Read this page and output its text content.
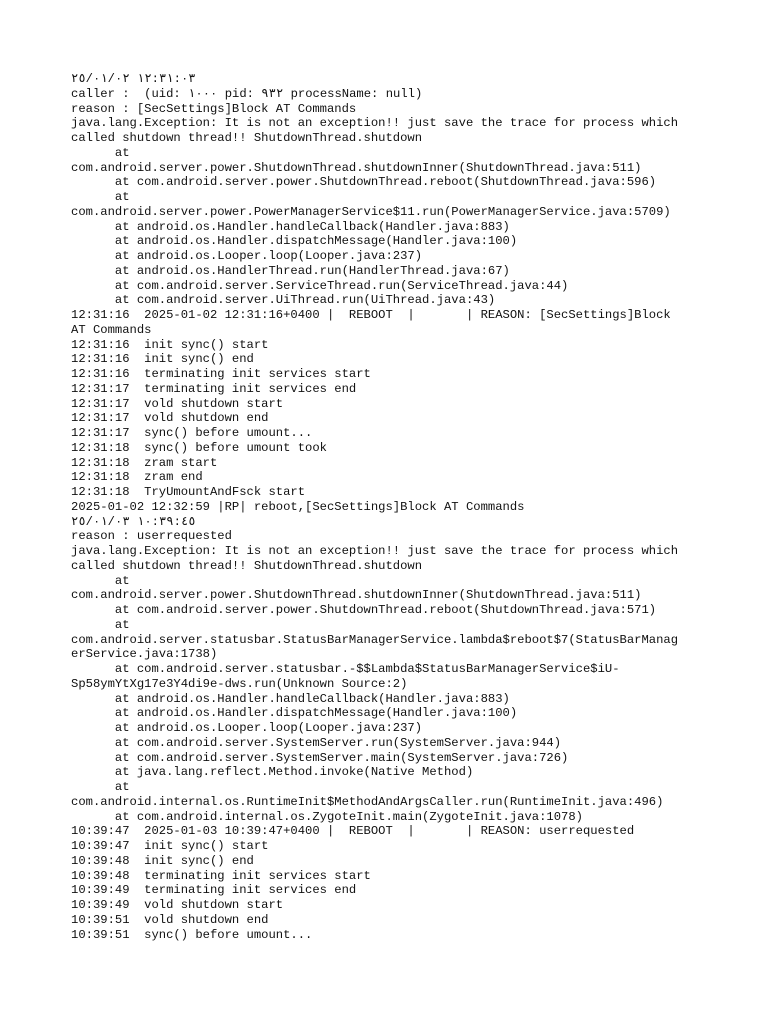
١٢:٣١:٠٣ ٢٥/٠١/٠٢
caller :  (uid: ١٠٠٠ pid: ٩٣٢ processName: null)
reason : [SecSettings]Block AT Commands
java.lang.Exception: It is not an exception!! just save the trace for process which
called shutdown thread!! ShutdownThread.shutdown
at
com.android.server.power.ShutdownThread.shutdownInner(ShutdownThread.java:511)
at com.android.server.power.ShutdownThread.reboot(ShutdownThread.java:596)
at
com.android.server.power.PowerManagerService$11.run(PowerManagerService.java:5709)
at android.os.Handler.handleCallback(Handler.java:883)
at android.os.Handler.dispatchMessage(Handler.java:100)
at android.os.Looper.loop(Looper.java:237)
at android.os.HandlerThread.run(HandlerThread.java:67)
at com.android.server.ServiceThread.run(ServiceThread.java:44)
at com.android.server.UiThread.run(UiThread.java:43)
12:31:16  2025-01-02 12:31:16+0400 |  REBOOT  |       | REASON: [SecSettings]Block
AT Commands
12:31:16  init sync() start
12:31:16  init sync() end
12:31:16  terminating init services start
12:31:17  terminating init services end
12:31:17  vold shutdown start
12:31:17  vold shutdown end
12:31:17  sync() before umount...
12:31:18  sync() before umount took
12:31:18  zram start
12:31:18  zram end
12:31:18  TryUmountAndFsck start
2025-01-02 12:32:59 |RP| reboot,[SecSettings]Block AT Commands
١٠:٣٩:٤٥ ٢٥/٠١/٠٣
reason : userrequested
java.lang.Exception: It is not an exception!! just save the trace for process which
called shutdown thread!! ShutdownThread.shutdown
at
com.android.server.power.ShutdownThread.shutdownInner(ShutdownThread.java:511)
at com.android.server.power.ShutdownThread.reboot(ShutdownThread.java:571)
at
com.android.server.statusbar.StatusBarManagerService.lambda$reboot$7(StatusBarManag
erService.java:1738)
at com.android.server.statusbar.-$$Lambda$StatusBarManagerService$iU-
Sp58ymYtXg17e3Y4di9e-dws.run(Unknown Source:2)
at android.os.Handler.handleCallback(Handler.java:883)
at android.os.Handler.dispatchMessage(Handler.java:100)
at android.os.Looper.loop(Looper.java:237)
at com.android.server.SystemServer.run(SystemServer.java:944)
at com.android.server.SystemServer.main(SystemServer.java:726)
at java.lang.reflect.Method.invoke(Native Method)
at
com.android.internal.os.RuntimeInit$MethodAndArgsCaller.run(RuntimeInit.java:496)
at com.android.internal.os.ZygoteInit.main(ZygoteInit.java:1078)
10:39:47  2025-01-03 10:39:47+0400 |  REBOOT  |       | REASON: userrequested
10:39:47  init sync() start
10:39:48  init sync() end
10:39:48  terminating init services start
10:39:49  terminating init services end
10:39:49  vold shutdown start
10:39:51  vold shutdown end
10:39:51  sync() before umount...
